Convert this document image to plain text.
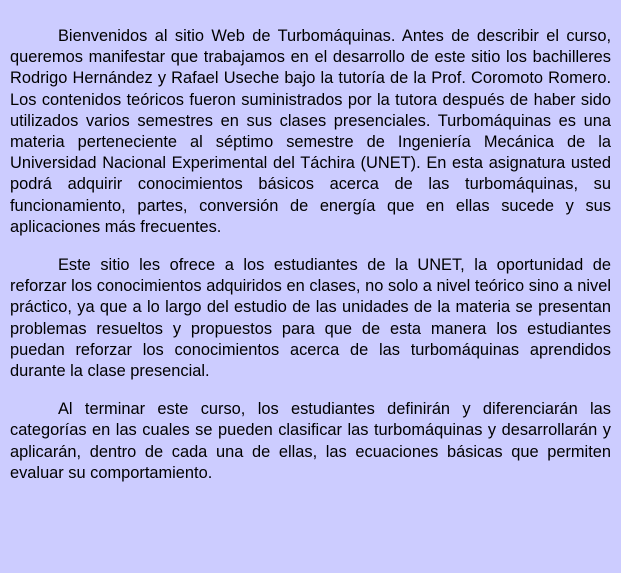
Bienvenidos al sitio Web de Turbomáquinas. Antes de describir el curso, queremos manifestar que trabajamos en el desarrollo de este sitio los bachilleres Rodrigo Hernández y Rafael Useche bajo la tutoría de la Prof. Coromoto Romero. Los contenidos teóricos fueron suministrados por la tutora después de haber sido utilizados varios semestres en sus clases presenciales. Turbomáquinas es una materia perteneciente al séptimo semestre de Ingeniería Mecánica de la Universidad Nacional Experimental del Táchira (UNET). En esta asignatura usted podrá adquirir conocimientos básicos acerca de las turbomáquinas, su funcionamiento, partes, conversión de energía que en ellas sucede y sus aplicaciones más frecuentes.

Este sitio les ofrece a los estudiantes de la UNET, la oportunidad de reforzar los conocimientos adquiridos en clases, no solo a nivel teórico sino a nivel práctico, ya que a lo largo del estudio de las unidades de la materia se presentan problemas resueltos y propuestos para que de esta manera los estudiantes puedan reforzar los conocimientos acerca de las turbomáquinas aprendidos durante la clase presencial.

Al terminar este curso, los estudiantes definirán y diferenciarán las categorías en las cuales se pueden clasificar las turbomáquinas y desarrollarán y aplicarán, dentro de cada una de ellas, las ecuaciones básicas que permiten evaluar su comportamiento.
